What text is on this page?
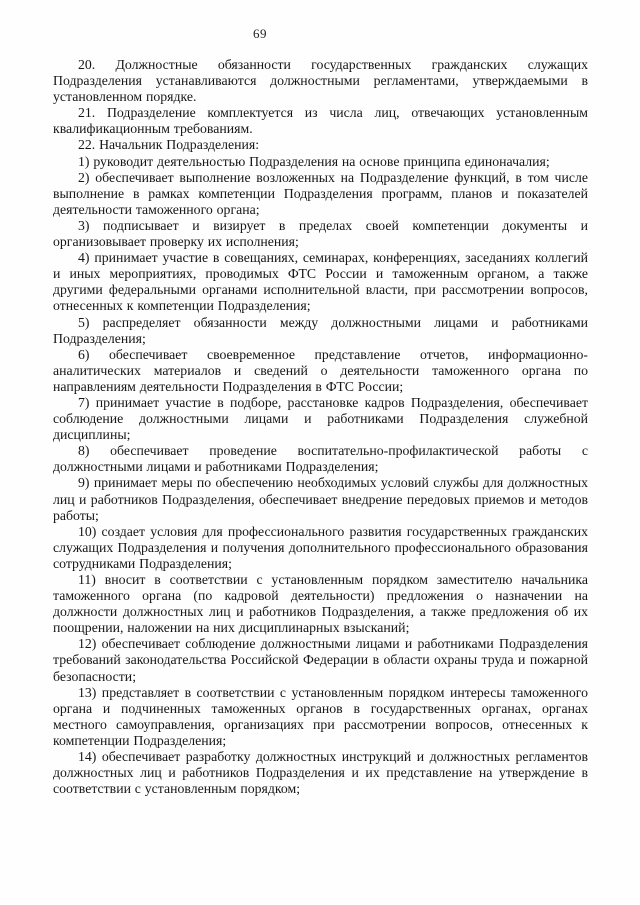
69

20. Должностные обязанности государственных гражданских служащих Подразделения устанавливаются должностными регламентами, утверждаемыми в установленном порядке.

21. Подразделение комплектуется из числа лиц, отвечающих установленным квалификационным требованиям.

22. Начальник Подразделения:

1) руководит деятельностью Подразделения на основе принципа единоначалия;

2) обеспечивает выполнение возложенных на Подразделение функций, в том числе выполнение в рамках компетенции Подразделения программ, планов и показателей деятельности таможенного органа;

3) подписывает и визирует в пределах своей компетенции документы и организовывает проверку их исполнения;

4) принимает участие в совещаниях, семинарах, конференциях, заседаниях коллегий и иных мероприятиях, проводимых ФТС России и таможенным органом, а также другими федеральными органами исполнительной власти, при рассмотрении вопросов, отнесенных к компетенции Подразделения;

5) распределяет обязанности между должностными лицами и работниками Подразделения;

6) обеспечивает своевременное представление отчетов, информационно-аналитических материалов и сведений о деятельности таможенного органа по направлениям деятельности Подразделения в ФТС России;

7) принимает участие в подборе, расстановке кадров Подразделения, обеспечивает соблюдение должностными лицами и работниками Подразделения служебной дисциплины;

8) обеспечивает проведение воспитательно-профилактической работы с должностными лицами и работниками Подразделения;

9) принимает меры по обеспечению необходимых условий службы для должностных лиц и работников Подразделения, обеспечивает внедрение передовых приемов и методов работы;

10) создает условия для профессионального развития государственных гражданских служащих Подразделения и получения дополнительного профессионального образования сотрудниками Подразделения;

11) вносит в соответствии с установленным порядком заместителю начальника таможенного органа (по кадровой деятельности) предложения о назначении на должности должностных лиц и работников Подразделения, а также предложения об их поощрении, наложении на них дисциплинарных взысканий;

12) обеспечивает соблюдение должностными лицами и работниками Подразделения требований законодательства Российской Федерации в области охраны труда и пожарной безопасности;

13) представляет в соответствии с установленным порядком интересы таможенного органа и подчиненных таможенных органов в государственных органах, органах местного самоуправления, организациях при рассмотрении вопросов, отнесенных к компетенции Подразделения;

14) обеспечивает разработку должностных инструкций и должностных регламентов должностных лиц и работников Подразделения и их представление на утверждение в соответствии с установленным порядком;
